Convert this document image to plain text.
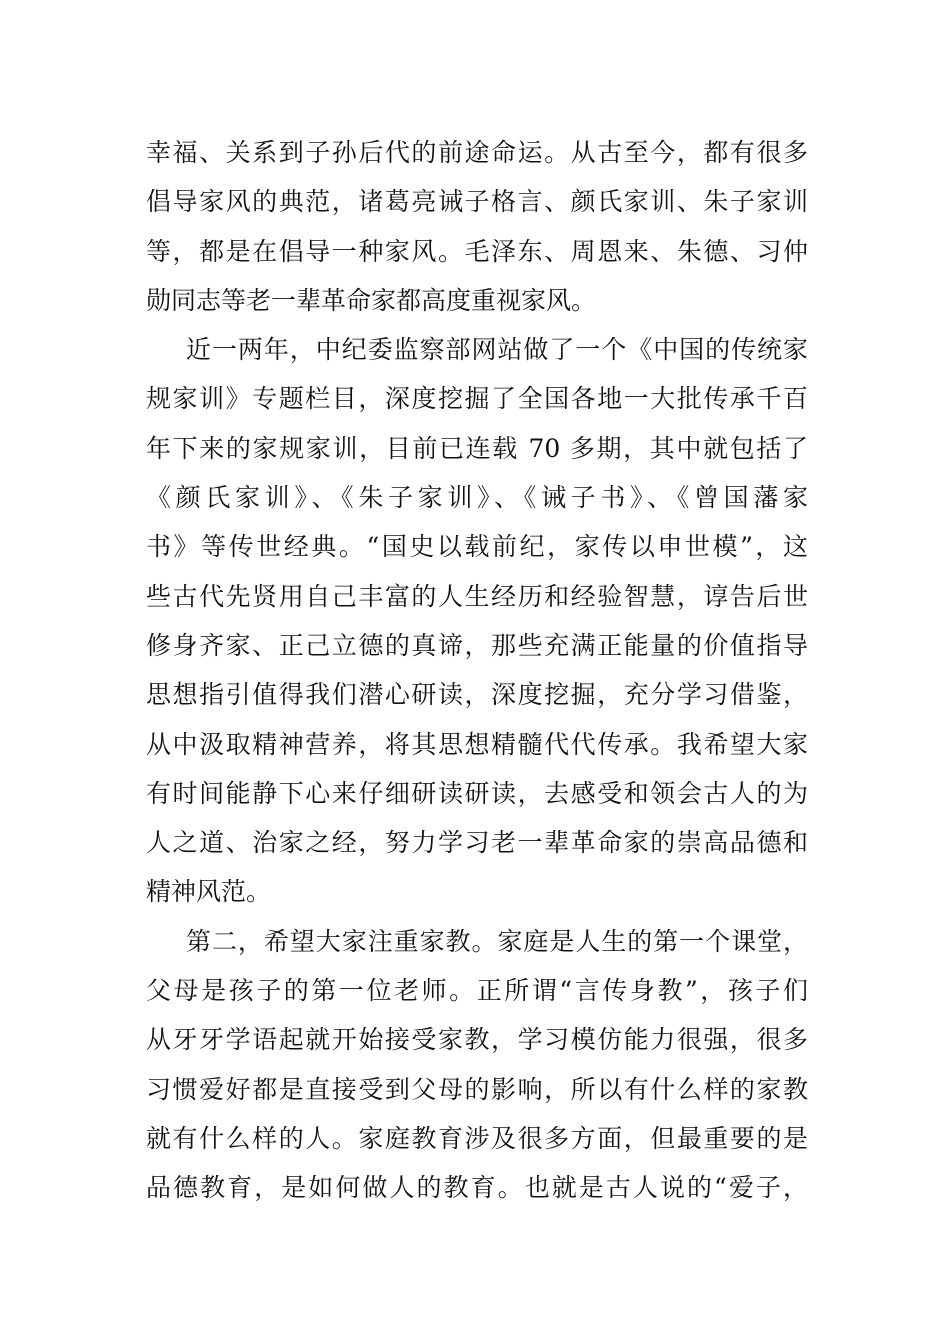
幸福、关系到子孙后代的前途命运。从古至今，都有很多
倡导家风的典范，诸葛亮诫子格言、颜氏家训、朱子家训
等，都是在倡导一种家风。毛泽东、周恩来、朱德、习仲
勋同志等老一辈革命家都高度重视家风。
近一两年，中纪委监察部网站做了一个《中国的传统家
规家训》专题栏目，深度挖掘了全国各地一大批传承千百
年下来的家规家训，目前已连载 70 多期，其中就包括了
《颜氏家训》、《朱子家训》、《诫子书》、《曾国藩家
书》等传世经典。“国史以载前纪，家传以申世模”，这
些古代先贤用自己丰富的人生经历和经验智慧，谆告后世
修身齐家、正己立德的真谛，那些充满正能量的价值指导
思想指引值得我们潜心研读，深度挖掘，充分学习借鉴，
从中汲取精神营养，将其思想精髓代代传承。我希望大家
有时间能静下心来仔细研读研读，去感受和领会古人的为
人之道、治家之经，努力学习老一辈革命家的崇高品德和
精神风范。
第二，希望大家注重家教。家庭是人生的第一个课堂，
父母是孩子的第一位老师。正所谓“言传身教”，孩子们
从牙牙学语起就开始接受家教，学习模仿能力很强，很多
习惯爱好都是直接受到父母的影响，所以有什么样的家教
就有什么样的人。家庭教育涉及很多方面，但最重要的是
品德教育，是如何做人的教育。也就是古人说的“爱子，
